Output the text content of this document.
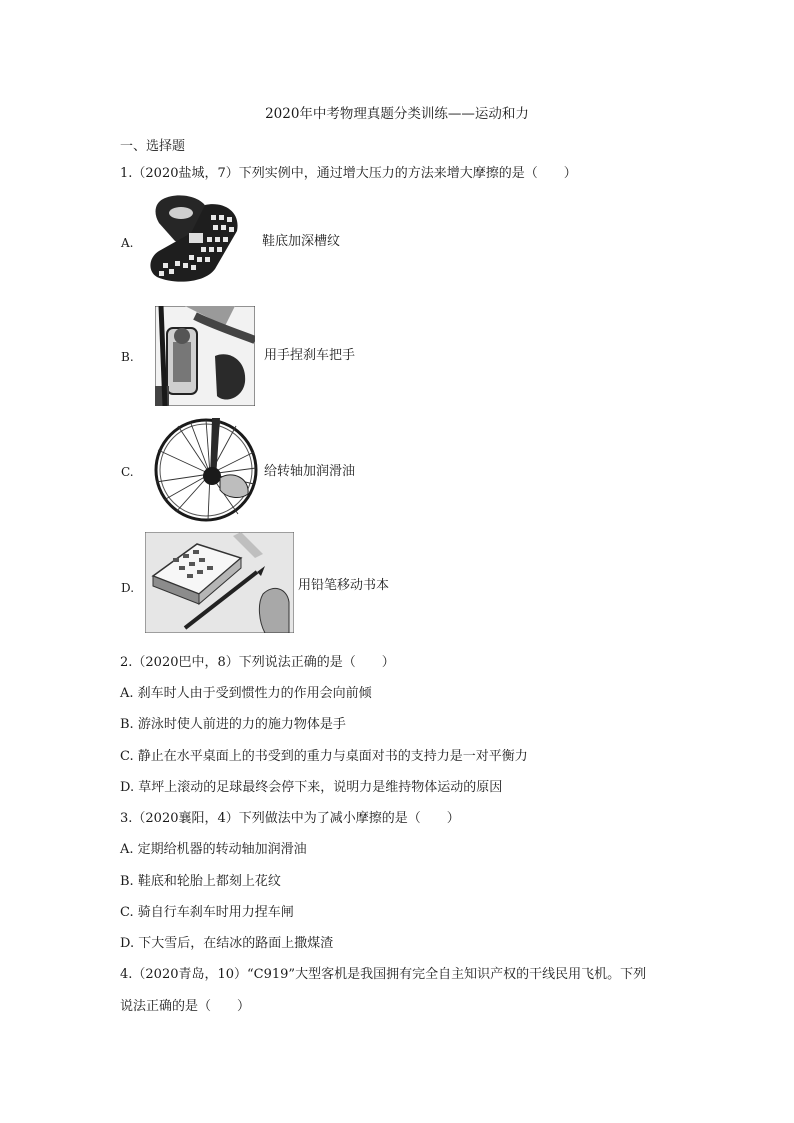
2020年中考物理真题分类训练——运动和力
一、选择题
1.（2020盐城，7）下列实例中，通过增大压力的方法来增大摩擦的是（　　）
A.	鞋底加深槽纹
B.	用手捏刹车把手
C.	给转轴加润滑油
D.	用铅笔移动书本
2.（2020巴中，8）下列说法正确的是（　　）
A. 刹车时人由于受到惯性力的作用会向前倾
B. 游泳时使人前进的力的施力物体是手
C. 静止在水平桌面上的书受到的重力与桌面对书的支持力是一对平衡力
D. 草坪上滚动的足球最终会停下来，说明力是维持物体运动的原因
3.（2020襄阳，4）下列做法中为了减小摩擦的是（　　）
A. 定期给机器的转动轴加润滑油
B. 鞋底和轮胎上都刻上花纹
C. 骑自行车刹车时用力捏车闸
D. 下大雪后，在结冰的路面上撒煤渣
4.（2020青岛，10）“C919”大型客机是我国拥有完全自主知识产权的干线民用飞机。下列
说法正确的是（　　）
